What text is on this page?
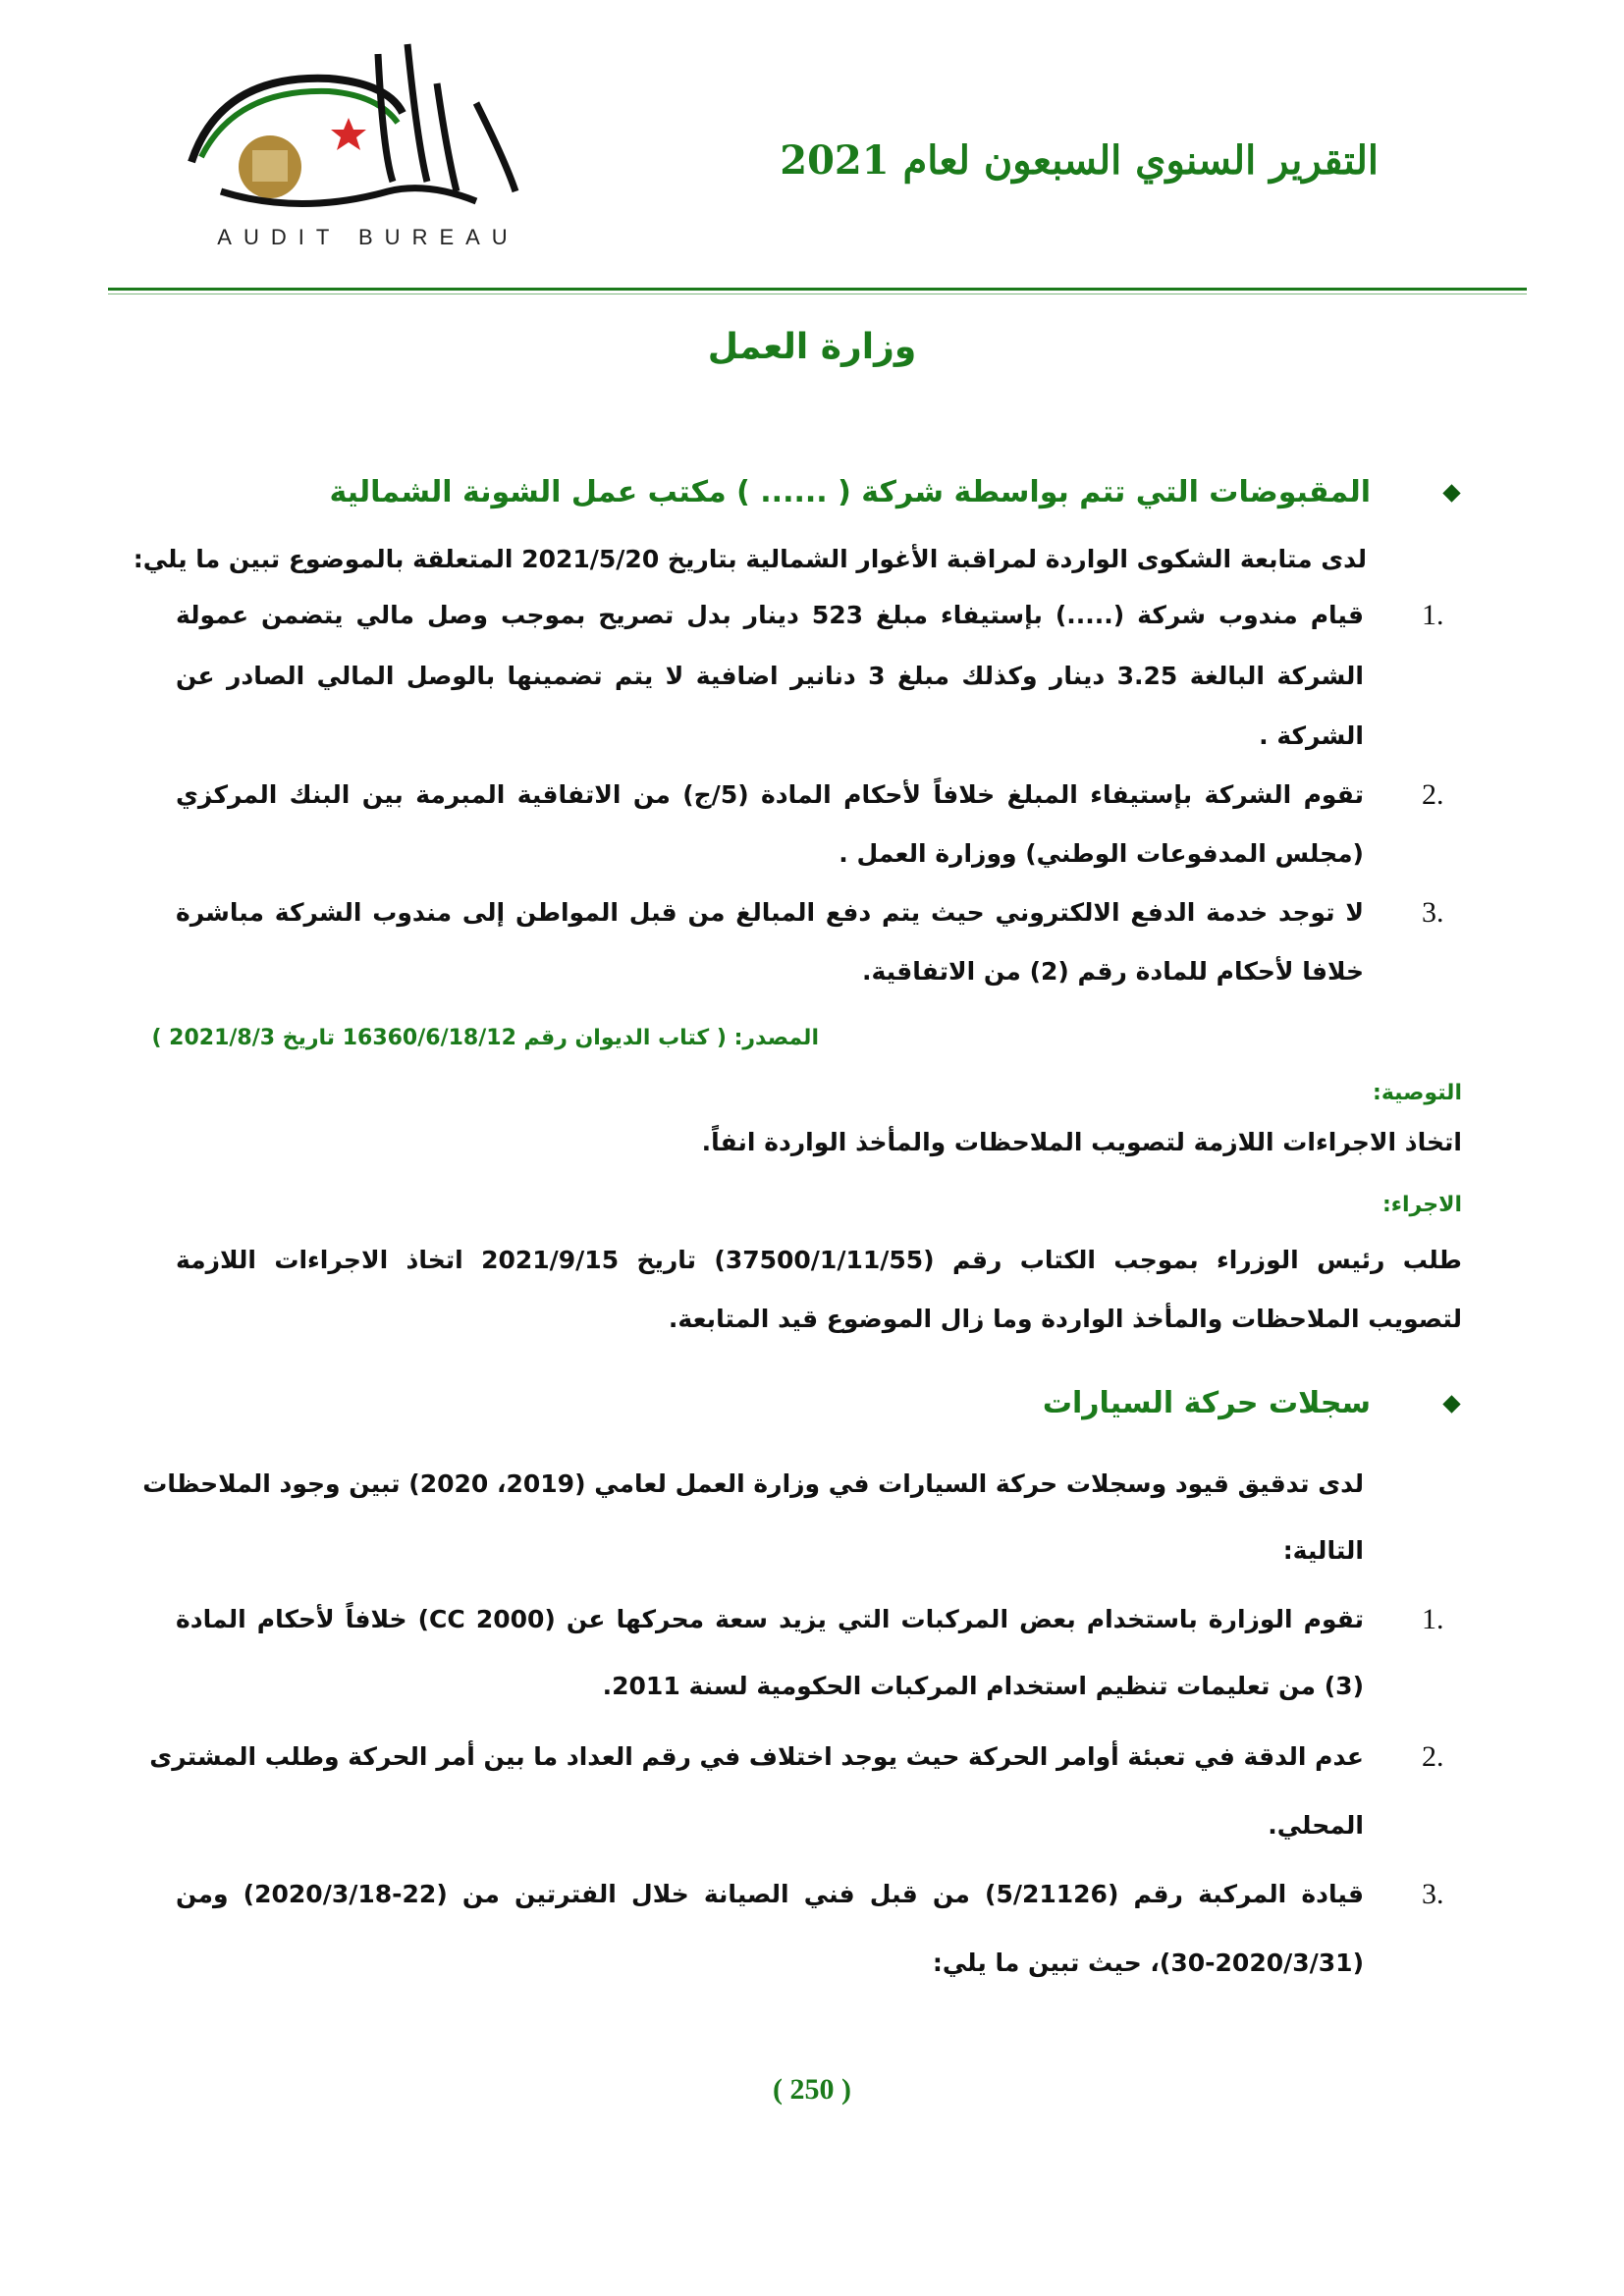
AUDIT BUREAU
التقرير السنوي السبعون لعام 2021
وزارة العمل
المقبوضات التي تتم بواسطة شركة ( ...... ) مكتب عمل الشونة الشمالية
لدى متابعة الشكوى الواردة لمراقبة الأغوار الشمالية بتاريخ 2021/5/20 المتعلقة بالموضوع تبين ما يلي:
1.
قيام مندوب شركة (.....) بإستيفاء مبلغ 523 دينار بدل تصريح بموجب وصل مالي يتضمن عمولة
الشركة البالغة 3.25 دينار وكذلك مبلغ 3 دنانير اضافية لا يتم تضمينها بالوصل المالي الصادر عن
الشركة .
2.
تقوم الشركة بإستيفاء المبلغ خلافاً لأحكام المادة (5/ج) من الاتفاقية المبرمة بين البنك المركزي
(مجلس المدفوعات الوطني) ووزارة العمل .
3.
لا توجد خدمة الدفع الالكتروني حيث يتم دفع المبالغ من قبل المواطن إلى مندوب الشركة مباشرة
خلافا لأحكام للمادة رقم (2) من الاتفاقية.
المصدر: ( كتاب الديوان رقم 16360/6/18/12 تاريخ 2021/8/3 )
التوصية:
اتخاذ الاجراءات اللازمة لتصويب الملاحظات والمأخذ الواردة انفاً.
الاجراء:
طلب رئيس الوزراء بموجب الكتاب رقم (37500/1/11/55) تاريخ 2021/9/15 اتخاذ الاجراءات اللازمة
لتصويب الملاحظات والمأخذ الواردة وما زال الموضوع قيد المتابعة.
سجلات حركة السيارات
لدى تدقيق قيود وسجلات حركة السيارات في وزارة العمل لعامي (2019، 2020) تبين وجود الملاحظات
التالية:
1.
تقوم الوزارة باستخدام بعض المركبات التي يزيد سعة محركها عن (CC 2000) خلافاً لأحكام المادة
(3) من تعليمات تنظيم استخدام المركبات الحكومية لسنة 2011.
2.
عدم الدقة في تعبئة أوامر الحركة حيث يوجد اختلاف في رقم العداد ما بين أمر الحركة وطلب المشترى
المحلي.
3.
قيادة المركبة رقم (5/21126) من قبل فني الصيانة خلال الفترتين من (22-2020/3/18) ومن
(30-2020/3/31)، حيث تبين ما يلي:
( 250 )
